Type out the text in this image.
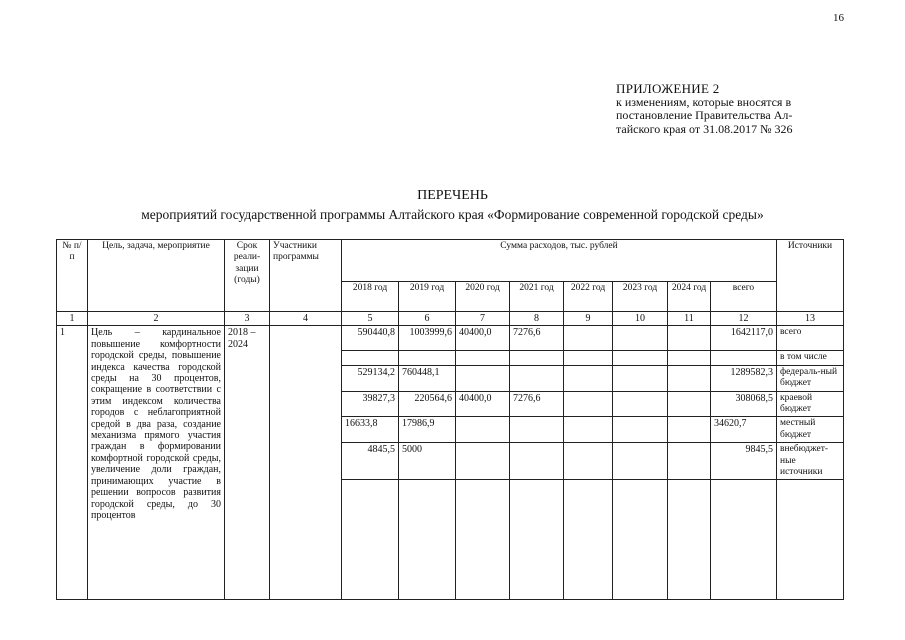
16
ПРИЛОЖЕНИЕ 2
к изменениям, которые вносятся в
постановление Правительства Ал-
тайского края от 31.08.2017 № 326
ПЕРЕЧЕНЬ
мероприятий государственной программы Алтайского края «Формирование современной городской среды»
№ п/п	Цель, задача, мероприятие	Срок реали-зации (годы)	Участники программы	Сумма расходов, тыс. рублей								Источники
				2018 год	2019 год	2020 год	2021 год	2022 год	2023 год	2024 год	всего	
1	2	3	4	5	6	7	8	9	10	11	12	13
1	Цель – кардинальное повышение комфортности городской среды, повышение индекса качества городской среды на 30 процентов, сокращение в соответствии с этим индексом количества городов с неблагоприятной средой в два раза, создание механизма прямого участия граждан в формировании комфортной городской среды, увеличение доли граждан, принимающих участие в решении вопросов развития городской среды, до 30 процентов	2018 – 2024		590440,8	1003999,6	40400,0	7276,6				1642117,0	всего
												в том числе
				529134,2	760448,1						1289582,3	федераль-ный бюджет
				39827,3	220564,6	40400,0	7276,6				308068,5	краевой бюджет
				16633,8	17986,9						34620,7	местный бюджет
				4845,5	5000						9845,5	внебюджет-ные источники
